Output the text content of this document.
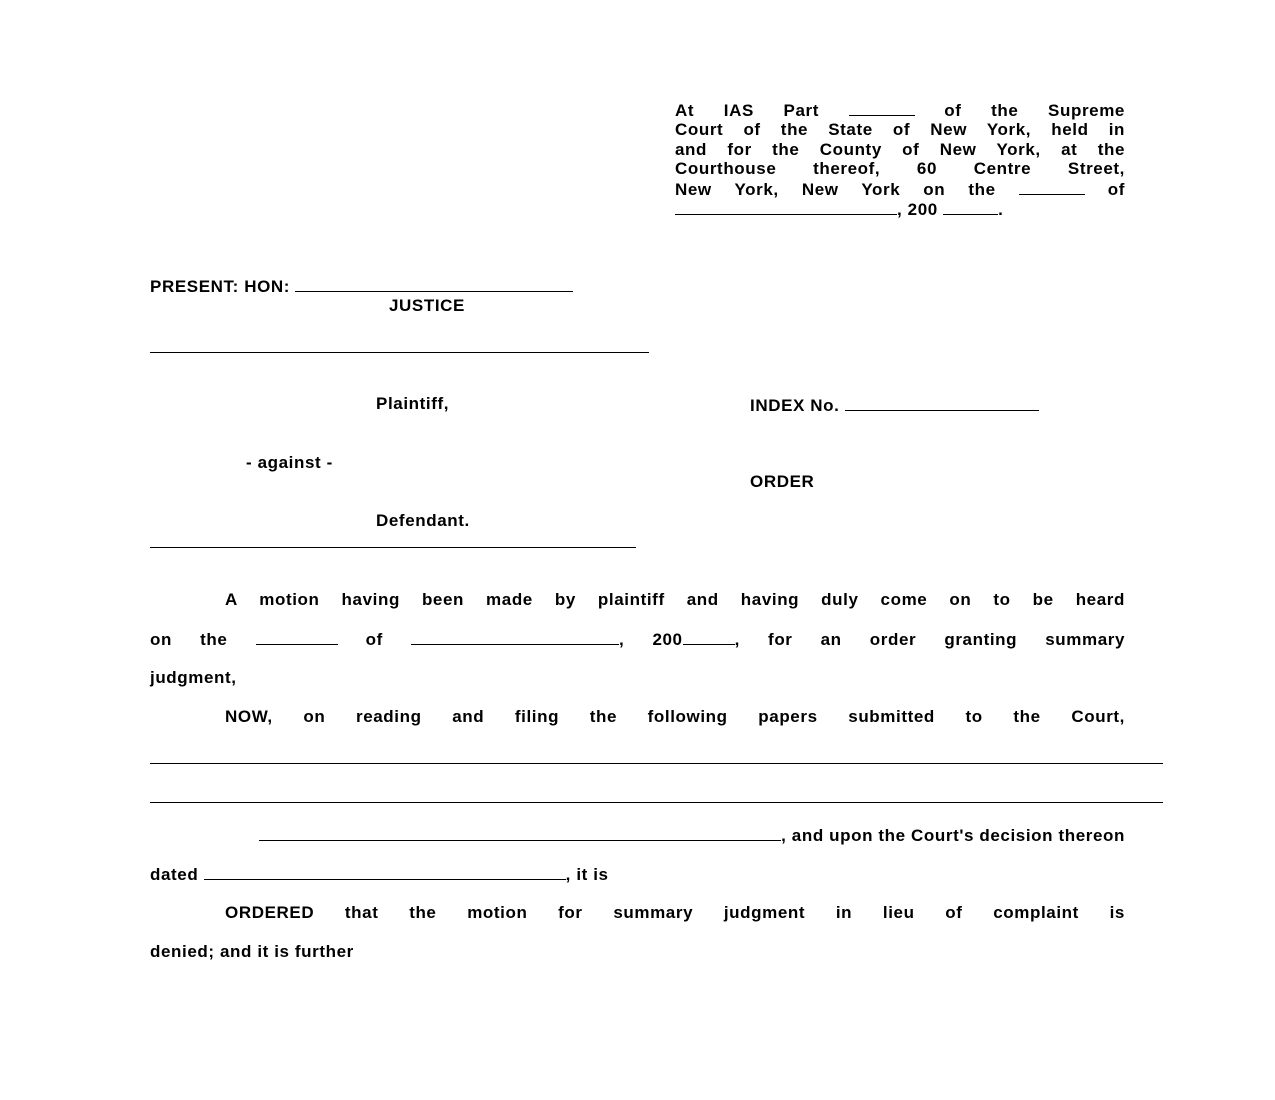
At IAS Part	of the Supreme
Court of the State of New York, held in
and for the County of New York, at the
Courthouse thereof, 60 Centre Street,
New York, New York on the	of
, 200	.
PRESENT: HON:
JUSTICE
Plaintiff,
- against -
Defendant.
INDEX No.
ORDER
A motion having been made by plaintiff and having duly come on to be heard
on the	of	, 200	, for an order granting summary
judgment,
NOW, on reading and filing the following papers submitted to the Court,
, and upon the Court's decision thereon
dated	, it is
ORDERED that the motion for summary judgment in lieu of complaint is
denied; and it is further
